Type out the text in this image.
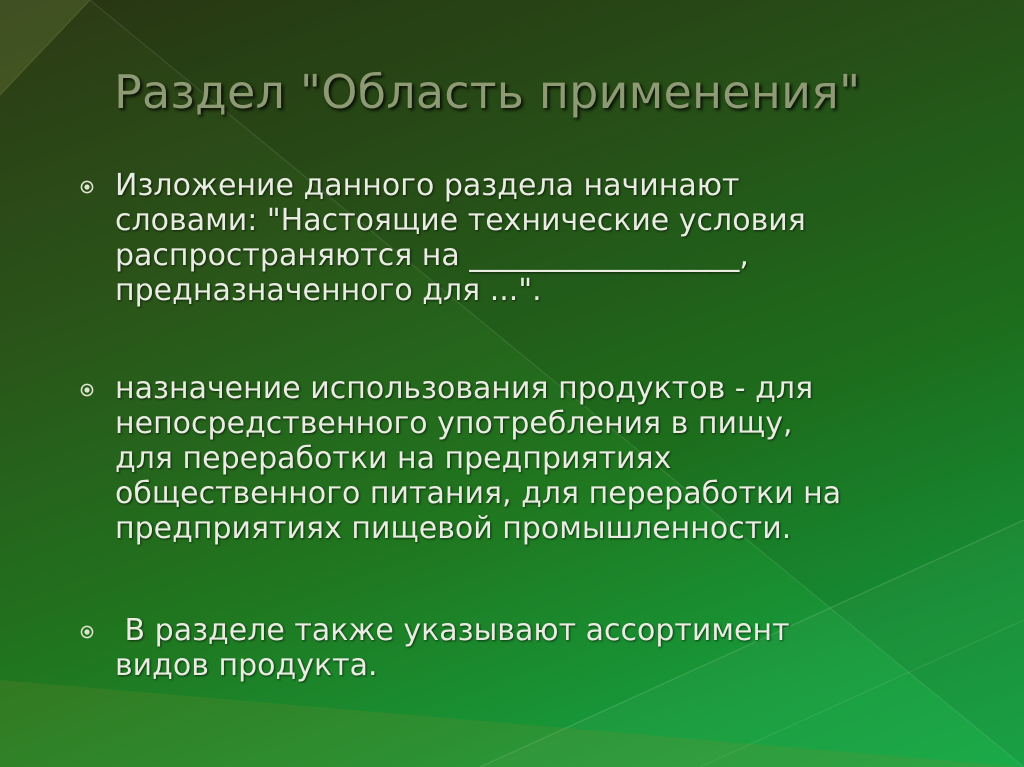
Раздел "Область применения"
Изложение данного раздела начинают
словами: "Настоящие технические условия
распространяются на __________________,
предназначенного для ...".
назначение использования продуктов - для
непосредственного употребления в пищу,
для переработки на предприятиях
общественного питания, для переработки на
предприятиях пищевой промышленности.
В разделе также указывают ассортимент
видов продукта.
